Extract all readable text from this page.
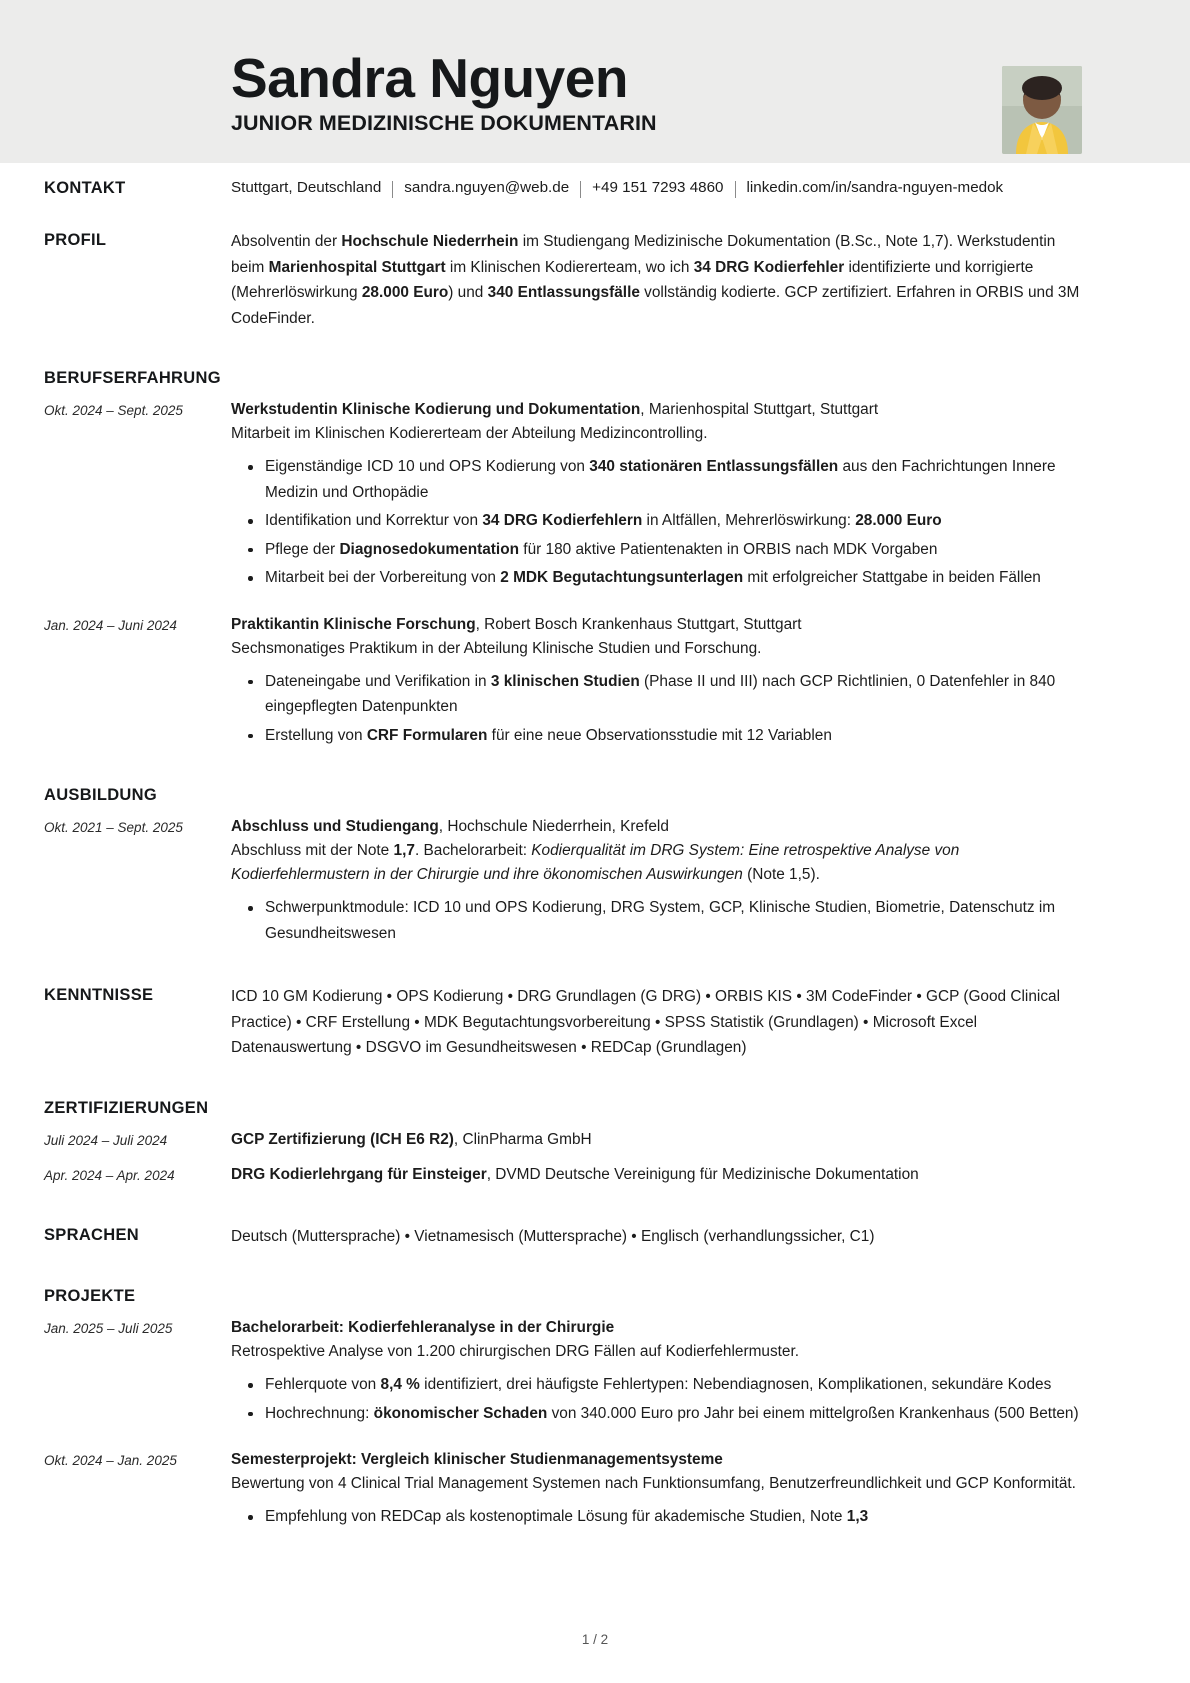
Sandra Nguyen
JUNIOR MEDIZINISCHE DOKUMENTARIN
KONTAKT	Stuttgart, Deutschland sandra.nguyen@web.de +49 151 7293 4860 linkedin.com/in/sandra-nguyen-medok
PROFIL	Absolventin der Hochschule Niederrhein im Studiengang Medizinische Dokumentation (B.Sc., Note 1,7). Werkstudentin beim Marienhospital Stuttgart im Klinischen Kodiererteam, wo ich 34 DRG Kodierfehler identifizierte und korrigierte (Mehrerlöswirkung 28.000 Euro) und 340 Entlassungsfälle vollständig kodierte. GCP zertifiziert. Erfahren in ORBIS und 3M CodeFinder.

BERUFSERFAHRUNG
Okt. 2024 – Sept. 2025	Werkstudentin Klinische Kodierung und Dokumentation, Marienhospital Stuttgart, Stuttgart
Mitarbeit im Klinischen Kodiererteam der Abteilung Medizincontrolling.
Eigenständige ICD 10 und OPS Kodierung von 340 stationären Entlassungsfällen aus den Fachrichtungen Innere Medizin und Orthopädie
Identifikation und Korrektur von 34 DRG Kodierfehlern in Altfällen, Mehrerlöswirkung: 28.000 Euro
Pflege der Diagnosedokumentation für 180 aktive Patientenakten in ORBIS nach MDK Vorgaben
Mitarbeit bei der Vorbereitung von 2 MDK Begutachtungsunterlagen mit erfolgreicher Stattgabe in beiden Fällen
Jan. 2024 – Juni 2024	Praktikantin Klinische Forschung, Robert Bosch Krankenhaus Stuttgart, Stuttgart
Sechsmonatiges Praktikum in der Abteilung Klinische Studien und Forschung.
Dateneingabe und Verifikation in 3 klinischen Studien (Phase II und III) nach GCP Richtlinien, 0 Datenfehler in 840 eingepflegten Datenpunkten
Erstellung von CRF Formularen für eine neue Observationsstudie mit 12 Variablen
AUSBILDUNG
Okt. 2021 – Sept. 2025	Abschluss und Studiengang, Hochschule Niederrhein, Krefeld
Abschluss mit der Note 1,7. Bachelorarbeit: Kodierqualität im DRG System: Eine retrospektive Analyse von Kodierfehlermustern in der Chirurgie und ihre ökonomischen Auswirkungen (Note 1,5).
Schwerpunktmodule: ICD 10 und OPS Kodierung, DRG System, GCP, Klinische Studien, Biometrie, Datenschutz im Gesundheitswesen
KENNTNISSE	ICD 10 GM Kodierung • OPS Kodierung • DRG Grundlagen (G DRG) • ORBIS KIS • 3M CodeFinder • GCP (Good Clinical Practice) • CRF Erstellung • MDK Begutachtungsvorbereitung • SPSS Statistik (Grundlagen) • Microsoft Excel Datenauswertung • DSGVO im Gesundheitswesen • REDCap (Grundlagen)
ZERTIFIZIERUNGEN
Juli 2024 – Juli 2024	GCP Zertifizierung (ICH E6 R2), ClinPharma GmbH
Apr. 2024 – Apr. 2024	DRG Kodierlehrgang für Einsteiger, DVMD Deutsche Vereinigung für Medizinische Dokumentation
SPRACHEN	Deutsch (Muttersprache) • Vietnamesisch (Muttersprache) • Englisch (verhandlungssicher, C1)
PROJEKTE
Jan. 2025 – Juli 2025	Bachelorarbeit: Kodierfehleranalyse in der Chirurgie
Retrospektive Analyse von 1.200 chirurgischen DRG Fällen auf Kodierfehlermuster.
Fehlerquote von 8,4 % identifiziert, drei häufigste Fehlertypen: Nebendiagnosen, Komplikationen, sekundäre Kodes
Hochrechnung: ökonomischer Schaden von 340.000 Euro pro Jahr bei einem mittelgroßen Krankenhaus (500 Betten)
Okt. 2024 – Jan. 2025	Semesterprojekt: Vergleich klinischer Studienmanagementsysteme
Bewertung von 4 Clinical Trial Management Systemen nach Funktionsumfang, Benutzerfreundlichkeit und GCP Konformität.
Empfehlung von REDCap als kostenoptimale Lösung für akademische Studien, Note 1,3
1 / 2
